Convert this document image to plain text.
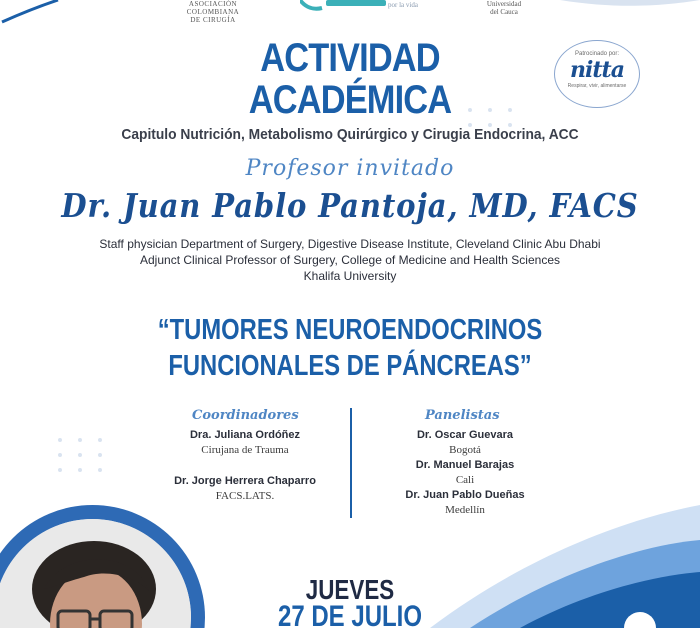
ASOCIACIÓN
COLOMBIANA
DE CIRUGÍA
por la vida	Universidad
del Cauca
Patrocinado por:
nitta
Respirar, vivir, alimentarse
ACTIVIDAD
ACADÉMICA
Capitulo Nutrición, Metabolismo Quirúrgico y Cirugia Endocrina, ACC
Profesor invitado
Dr. Juan Pablo Pantoja, MD, FACS
Staff physician Department of Surgery, Digestive Disease Institute, Cleveland Clinic Abu Dhabi
Adjunct Clinical Professor of Surgery, College of Medicine and Health Sciences
Khalifa University
“TUMORES NEUROENDOCRINOS
FUNCIONALES DE PÁNCREAS”
Coordinadores
Dra. Juliana Ordóñez
Cirujana de Trauma
Dr. Jorge Herrera Chaparro
FACS.LATS.
Panelistas
Dr. Oscar Guevara
Bogotá
Dr. Manuel Barajas
Cali
Dr. Juan Pablo Dueñas
Medellín
JUEVES
27 DE JULIO
